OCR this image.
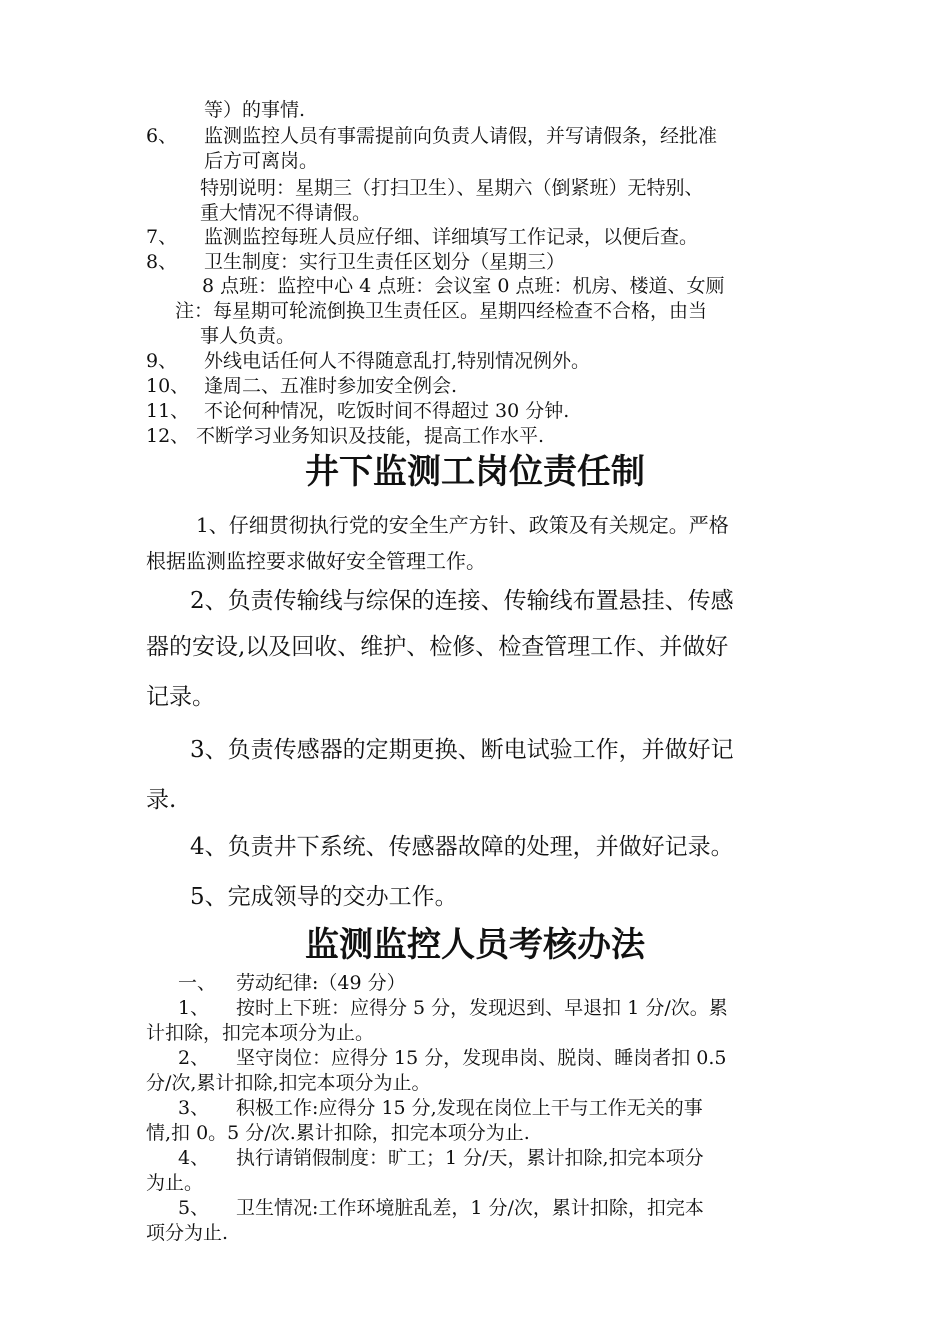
等）的事情.
6、 监测监控人员有事需提前向负责人请假，并写请假条，经批准
后方可离岗。
特别说明：星期三（打扫卫生）、星期六（倒紧班）无特别、
重大情况不得请假。
7、 监测监控每班人员应仔细、详细填写工作记录，以便后查。
8、 卫生制度：实行卫生责任区划分（星期三）
8 点班：监控中心 4 点班：会议室 0 点班：机房、楼道、女厕
注：每星期可轮流倒换卫生责任区。星期四经检查不合格，由当
事人负责。
9、 外线电话任何人不得随意乱打,特别情况例外。
10、 逢周二、五准时参加安全例会.
11、 不论何种情况，吃饭时间不得超过 30 分钟.
12、 不断学习业务知识及技能，提高工作水平.
井下监测工岗位责任制
1、仔细贯彻执行党的安全生产方针、政策及有关规定。严格
根据监测监控要求做好安全管理工作。
2、负责传输线与综保的连接、传输线布置悬挂、传感
器的安设,以及回收、维护、检修、检查管理工作、并做好
记录。
3、负责传感器的定期更换、断电试验工作，并做好记
录.
4、负责井下系统、传感器故障的处理，并做好记录。
5、完成领导的交办工作。
监测监控人员考核办法
一、 劳动纪律:（49 分）
1、 按时上下班：应得分 5 分，发现迟到、早退扣 1 分/次。累
计扣除，扣完本项分为止。
2、 坚守岗位：应得分 15 分，发现串岗、脱岗、睡岗者扣 0.5
分/次,累计扣除,扣完本项分为止。
3、 积极工作:应得分 15 分,发现在岗位上干与工作无关的事
情,扣 0。5 分/次.累计扣除，扣完本项分为止.
4、 执行请销假制度：旷工；1 分/天，累计扣除,扣完本项分
为止。
5、 卫生情况:工作环境脏乱差，1 分/次，累计扣除，扣完本
项分为止.
